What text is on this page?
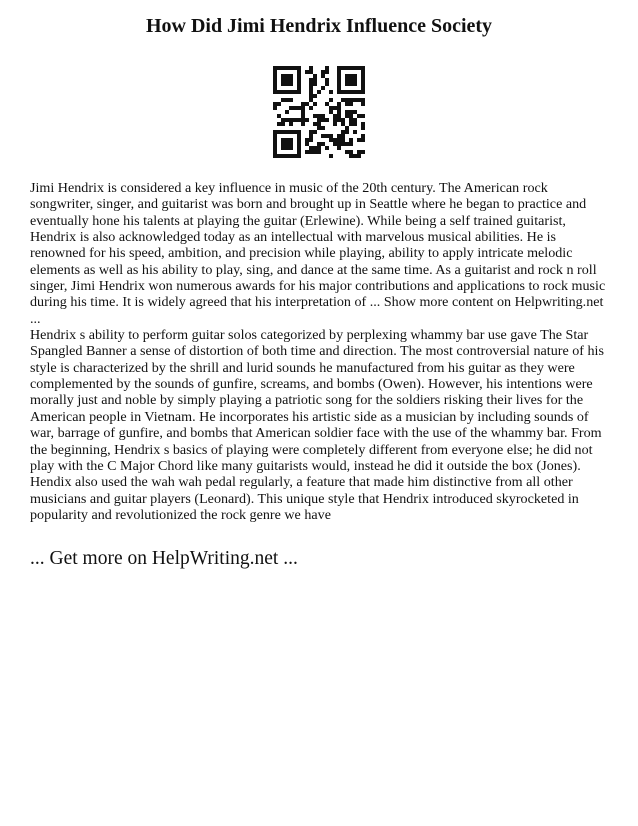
How Did Jimi Hendrix Influence Society

Jimi Hendrix is considered a key influence in music of the 20th century. The American rock songwriter, singer, and guitarist was born and brought up in Seattle where he began to practice and eventually hone his talents at playing the guitar (Erlewine). While being a self trained guitarist, Hendrix is also acknowledged today as an intellectual with marvelous musical abilities. He is renowned for his speed, ambition, and precision while playing, ability to apply intricate melodic elements as well as his ability to play, sing, and dance at the same time. As a guitarist and rock n roll singer, Jimi Hendrix won numerous awards for his major contributions and applications to rock music during his time. It is widely agreed that his interpretation of ... Show more content on Helpwriting.net ...

Hendrix s ability to perform guitar solos categorized by perplexing whammy bar use gave The Star Spangled Banner a sense of distortion of both time and direction. The most controversial nature of his style is characterized by the shrill and lurid sounds he manufactured from his guitar as they were complemented by the sounds of gunfire, screams, and bombs (Owen). However, his intentions were morally just and noble by simply playing a patriotic song for the soldiers risking their lives for the American people in Vietnam. He incorporates his artistic side as a musician by including sounds of war, barrage of gunfire, and bombs that American soldier face with the use of the whammy bar. From the beginning, Hendrix s basics of playing were completely different from everyone else; he did not play with the C Major Chord like many guitarists would, instead he did it outside the box (Jones). Hendix also used the wah wah pedal regularly, a feature that made him distinctive from all other musicians and guitar players (Leonard). This unique style that Hendrix introduced skyrocketed in popularity and revolutionized the rock genre we have

... Get more on HelpWriting.net ...
